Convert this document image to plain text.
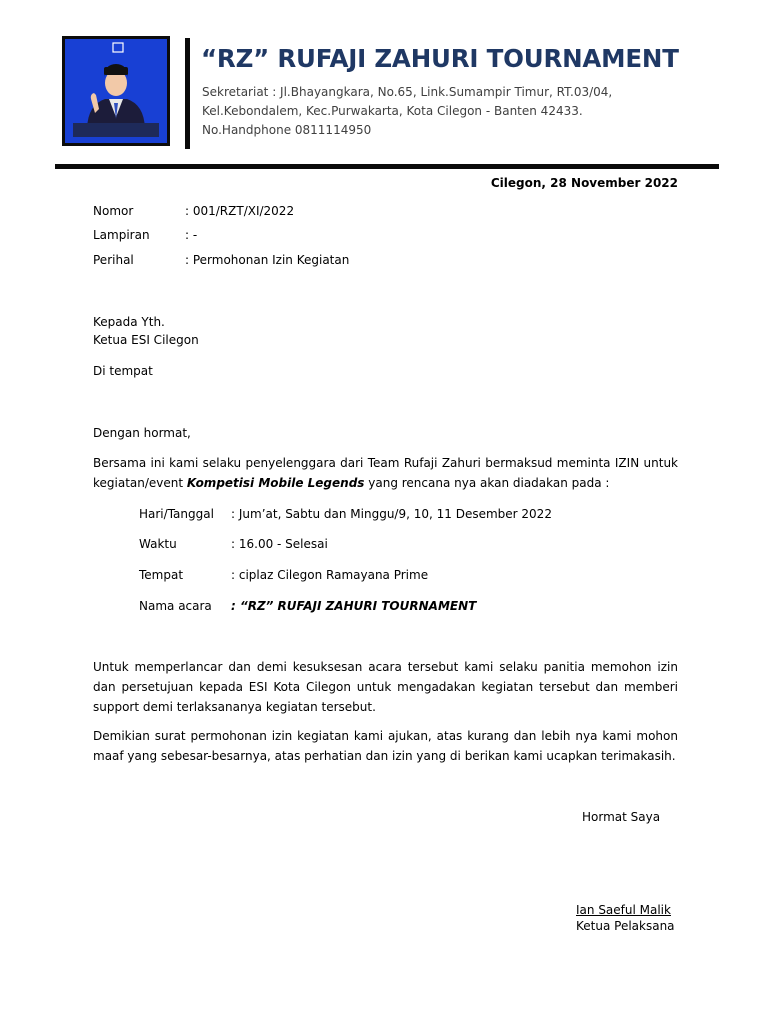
“RZ” RUFAJI ZAHURI TOURNAMENT
Sekretariat : Jl.Bhayangkara, No.65, Link.Sumampir Timur, RT.03/04,
Kel.Kebondalem, Kec.Purwakarta, Kota Cilegon - Banten 42433.
No.Handphone 0811114950
Cilegon, 28 November 2022
Nomor	: 001/RZT/XI/2022
Lampiran	: -
Perihal	: Permohonan Izin Kegiatan
Kepada Yth.
Ketua ESI Cilegon
Di tempat
Dengan hormat,
Bersama ini kami selaku penyelenggara dari Team Rufaji Zahuri bermaksud meminta IZIN untuk kegiatan/event Kompetisi Mobile Legends yang rencana nya akan diadakan pada :
Hari/Tanggal : Jum’at, Sabtu dan Minggu/9, 10, 11 Desember 2022
Waktu	: 16.00 - Selesai
Tempat	: ciplaz Cilegon Ramayana Prime
Nama acara : “RZ” RUFAJI ZAHURI TOURNAMENT
Untuk memperlancar dan demi kesuksesan acara tersebut kami selaku panitia memohon izin dan persetujuan kepada ESI Kota Cilegon untuk mengadakan kegiatan tersebut dan memberi support demi terlaksananya kegiatan tersebut.
Demikian surat permohonan izin kegiatan kami ajukan, atas kurang dan lebih nya kami mohon maaf yang sebesar-besarnya, atas perhatian dan izin yang di berikan kami ucapkan terimakasih.
Hormat Saya
Ian Saeful Malik
Ketua Pelaksana
